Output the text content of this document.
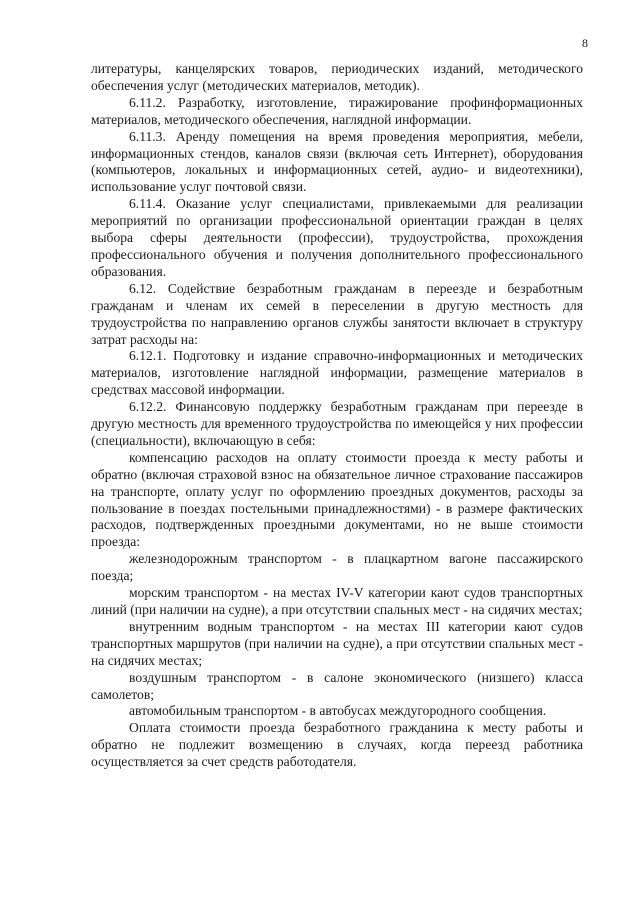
8

литературы, канцелярских товаров, периодических изданий, методического обеспечения услуг (методических материалов, методик).

6.11.2. Разработку, изготовление, тиражирование профинформационных материалов, методического обеспечения, наглядной информации.

6.11.3. Аренду помещения на время проведения мероприятия, мебели, информационных стендов, каналов связи (включая сеть Интернет), оборудования (компьютеров, локальных и информационных сетей, аудио- и видеотехники), использование услуг почтовой связи.

6.11.4. Оказание услуг специалистами, привлекаемыми для реализации мероприятий по организации профессиональной ориентации граждан в целях выбора сферы деятельности (профессии), трудоустройства, прохождения профессионального обучения и получения дополнительного профессионального образования.

6.12. Содействие безработным гражданам в переезде и безработным гражданам и членам их семей в переселении в другую местность для трудоустройства по направлению органов службы занятости включает в структуру затрат расходы на:

6.12.1. Подготовку и издание справочно-информационных и методических материалов, изготовление наглядной информации, размещение материалов в средствах массовой информации.

6.12.2. Финансовую поддержку безработным гражданам при переезде в другую местность для временного трудоустройства по имеющейся у них профессии (специальности), включающую в себя:

компенсацию расходов на оплату стоимости проезда к месту работы и обратно (включая страховой взнос на обязательное личное страхование пассажиров на транспорте, оплату услуг по оформлению проездных документов, расходы за пользование в поездах постельными принадлежностями) - в размере фактических расходов, подтвержденных проездными документами, но не выше стоимости проезда:

железнодорожным транспортом - в плацкартном вагоне пассажирского поезда;

морским транспортом - на местах IV-V категории кают судов транспортных линий (при наличии на судне), а при отсутствии спальных мест - на сидячих местах;

внутренним водным транспортом - на местах III категории кают судов транспортных маршрутов (при наличии на судне), а при отсутствии спальных мест - на сидячих местах;

воздушным транспортом - в салоне экономического (низшего) класса самолетов;

автомобильным транспортом - в автобусах междугородного сообщения.

Оплата стоимости проезда безработного гражданина к месту работы и обратно не подлежит возмещению в случаях, когда переезд работника осуществляется за счет средств работодателя.
